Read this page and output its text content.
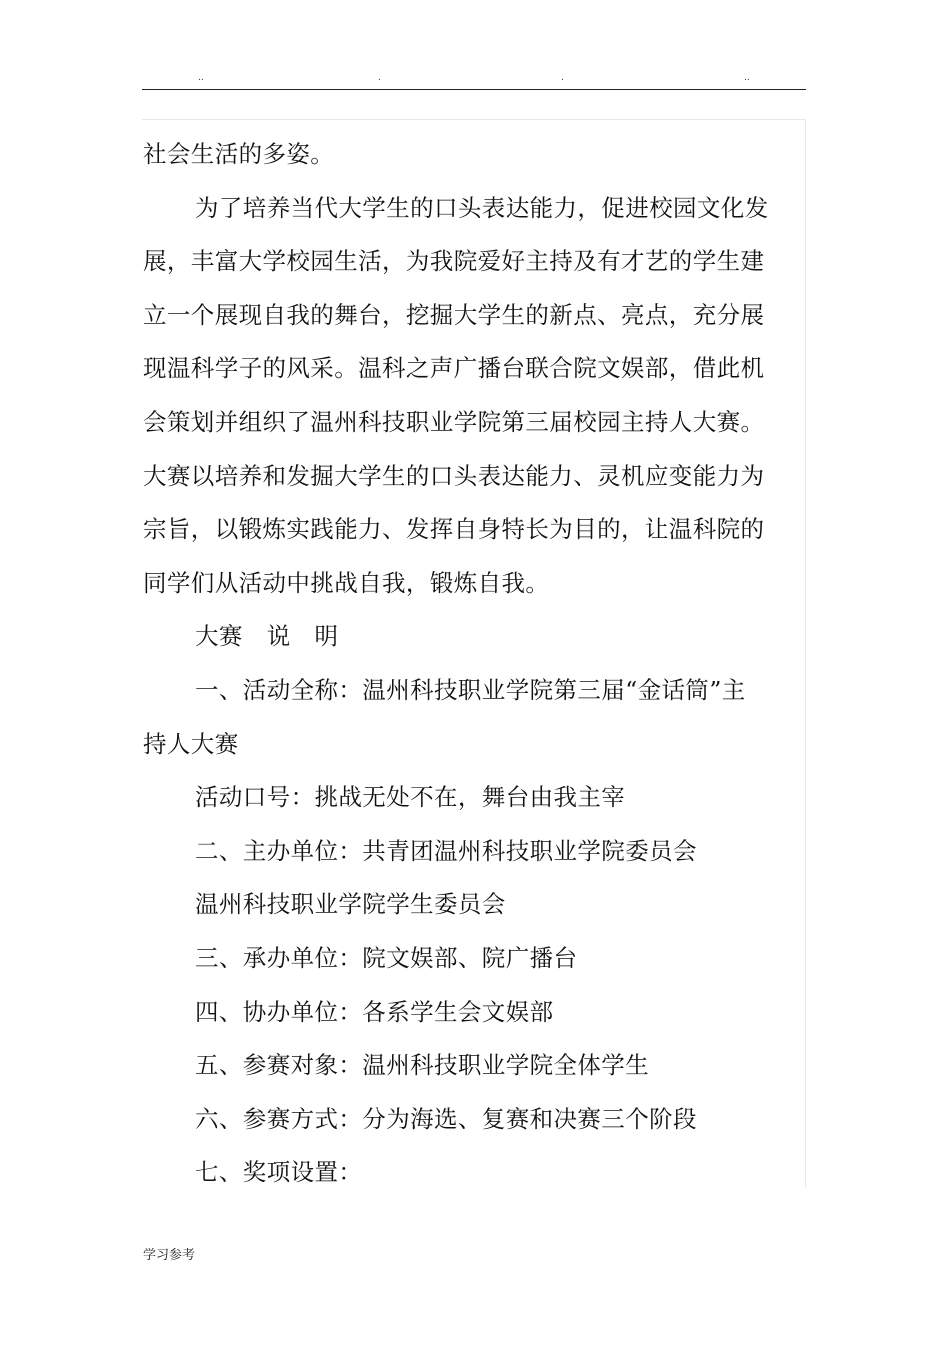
..	.	.	..

社会生活的多姿。

为了培养当代大学生的口头表达能力，促进校园文化发

展，丰富大学校园生活，为我院爱好主持及有才艺的学生建

立一个展现自我的舞台，挖掘大学生的新点、亮点，充分展

现温科学子的风采。温科之声广播台联合院文娱部，借此机

会策划并组织了温州科技职业学院第三届校园主持人大赛。

大赛以培养和发掘大学生的口头表达能力、灵机应变能力为

宗旨，以锻炼实践能力、发挥自身特长为目的，让温科院的

同学们从活动中挑战自我，锻炼自我。

大赛　说　明

一、活动全称：温州科技职业学院第三届“金话筒”主

持人大赛

活动口号：挑战无处不在，舞台由我主宰

二、主办单位：共青团温州科技职业学院委员会

温州科技职业学院学生委员会

三、承办单位：院文娱部、院广播台

四、协办单位：各系学生会文娱部

五、参赛对象：温州科技职业学院全体学生

六、参赛方式：分为海选、复赛和决赛三个阶段

七、奖项设置：

学习参考
